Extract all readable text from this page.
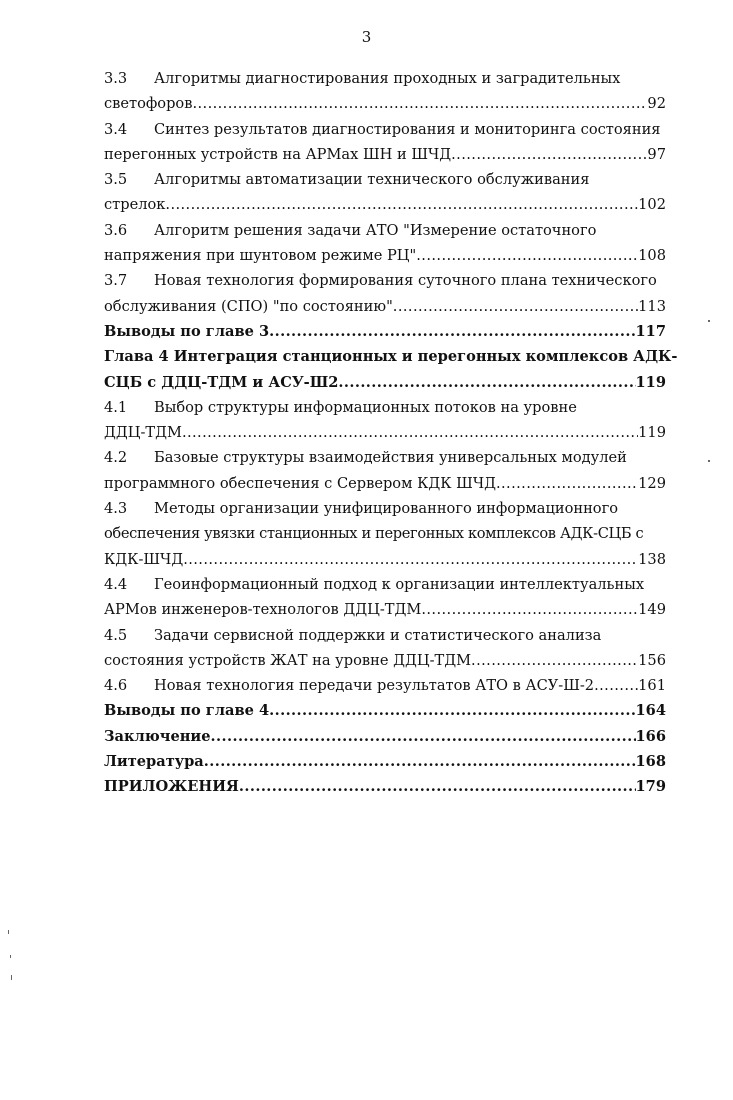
3
3.3	Алгоритмы диагностирования проходных и заградительных
светофоров .....	92
3.4	Синтез результатов диагностирования и мониторинга состояния
перегонных устройств на АРМах ШН и ШЧД .....	97
3.5	Алгоритмы автоматизации технического обслуживания
стрелок .....	102
3.6	Алгоритм решения задачи АТО "Измерение остаточного
напряжения при шунтовом режиме РЦ" .....	108
3.7	Новая технология формирования суточного плана технического
обслуживания (СПО) "по состоянию" .....	113
Выводы по главе 3 .....	117
Глава 4 Интеграция станционных и перегонных комплексов АДК-
СЦБ с ДДЦ-ТДМ и АСУ-Ш2 .....	119
4.1	Выбор структуры информационных потоков на уровне
ДДЦ-ТДМ .....	119
4.2	Базовые структуры взаимодействия универсальных модулей
программного обеспечения с Сервером КДК ШЧД .....	129
4.3	Методы организации унифицированного информационного
обеспечения увязки станционных и перегонных комплексов АДК-СЦБ с
КДК-ШЧД .....	138
4.4	Геоинформационный подход к организации интеллектуальных
АРМов инженеров-технологов ДДЦ-ТДМ .....	149
4.5	Задачи сервисной поддержки и статистического анализа
состояния устройств ЖАТ на уровне ДДЦ-ТДМ .....	156
4.6	Новая технология передачи результатов АТО в АСУ-Ш-2 .....	161
Выводы по главе 4 .....	164
Заключение .....	166
Литература .....	168
ПРИЛОЖЕНИЯ .....	179
